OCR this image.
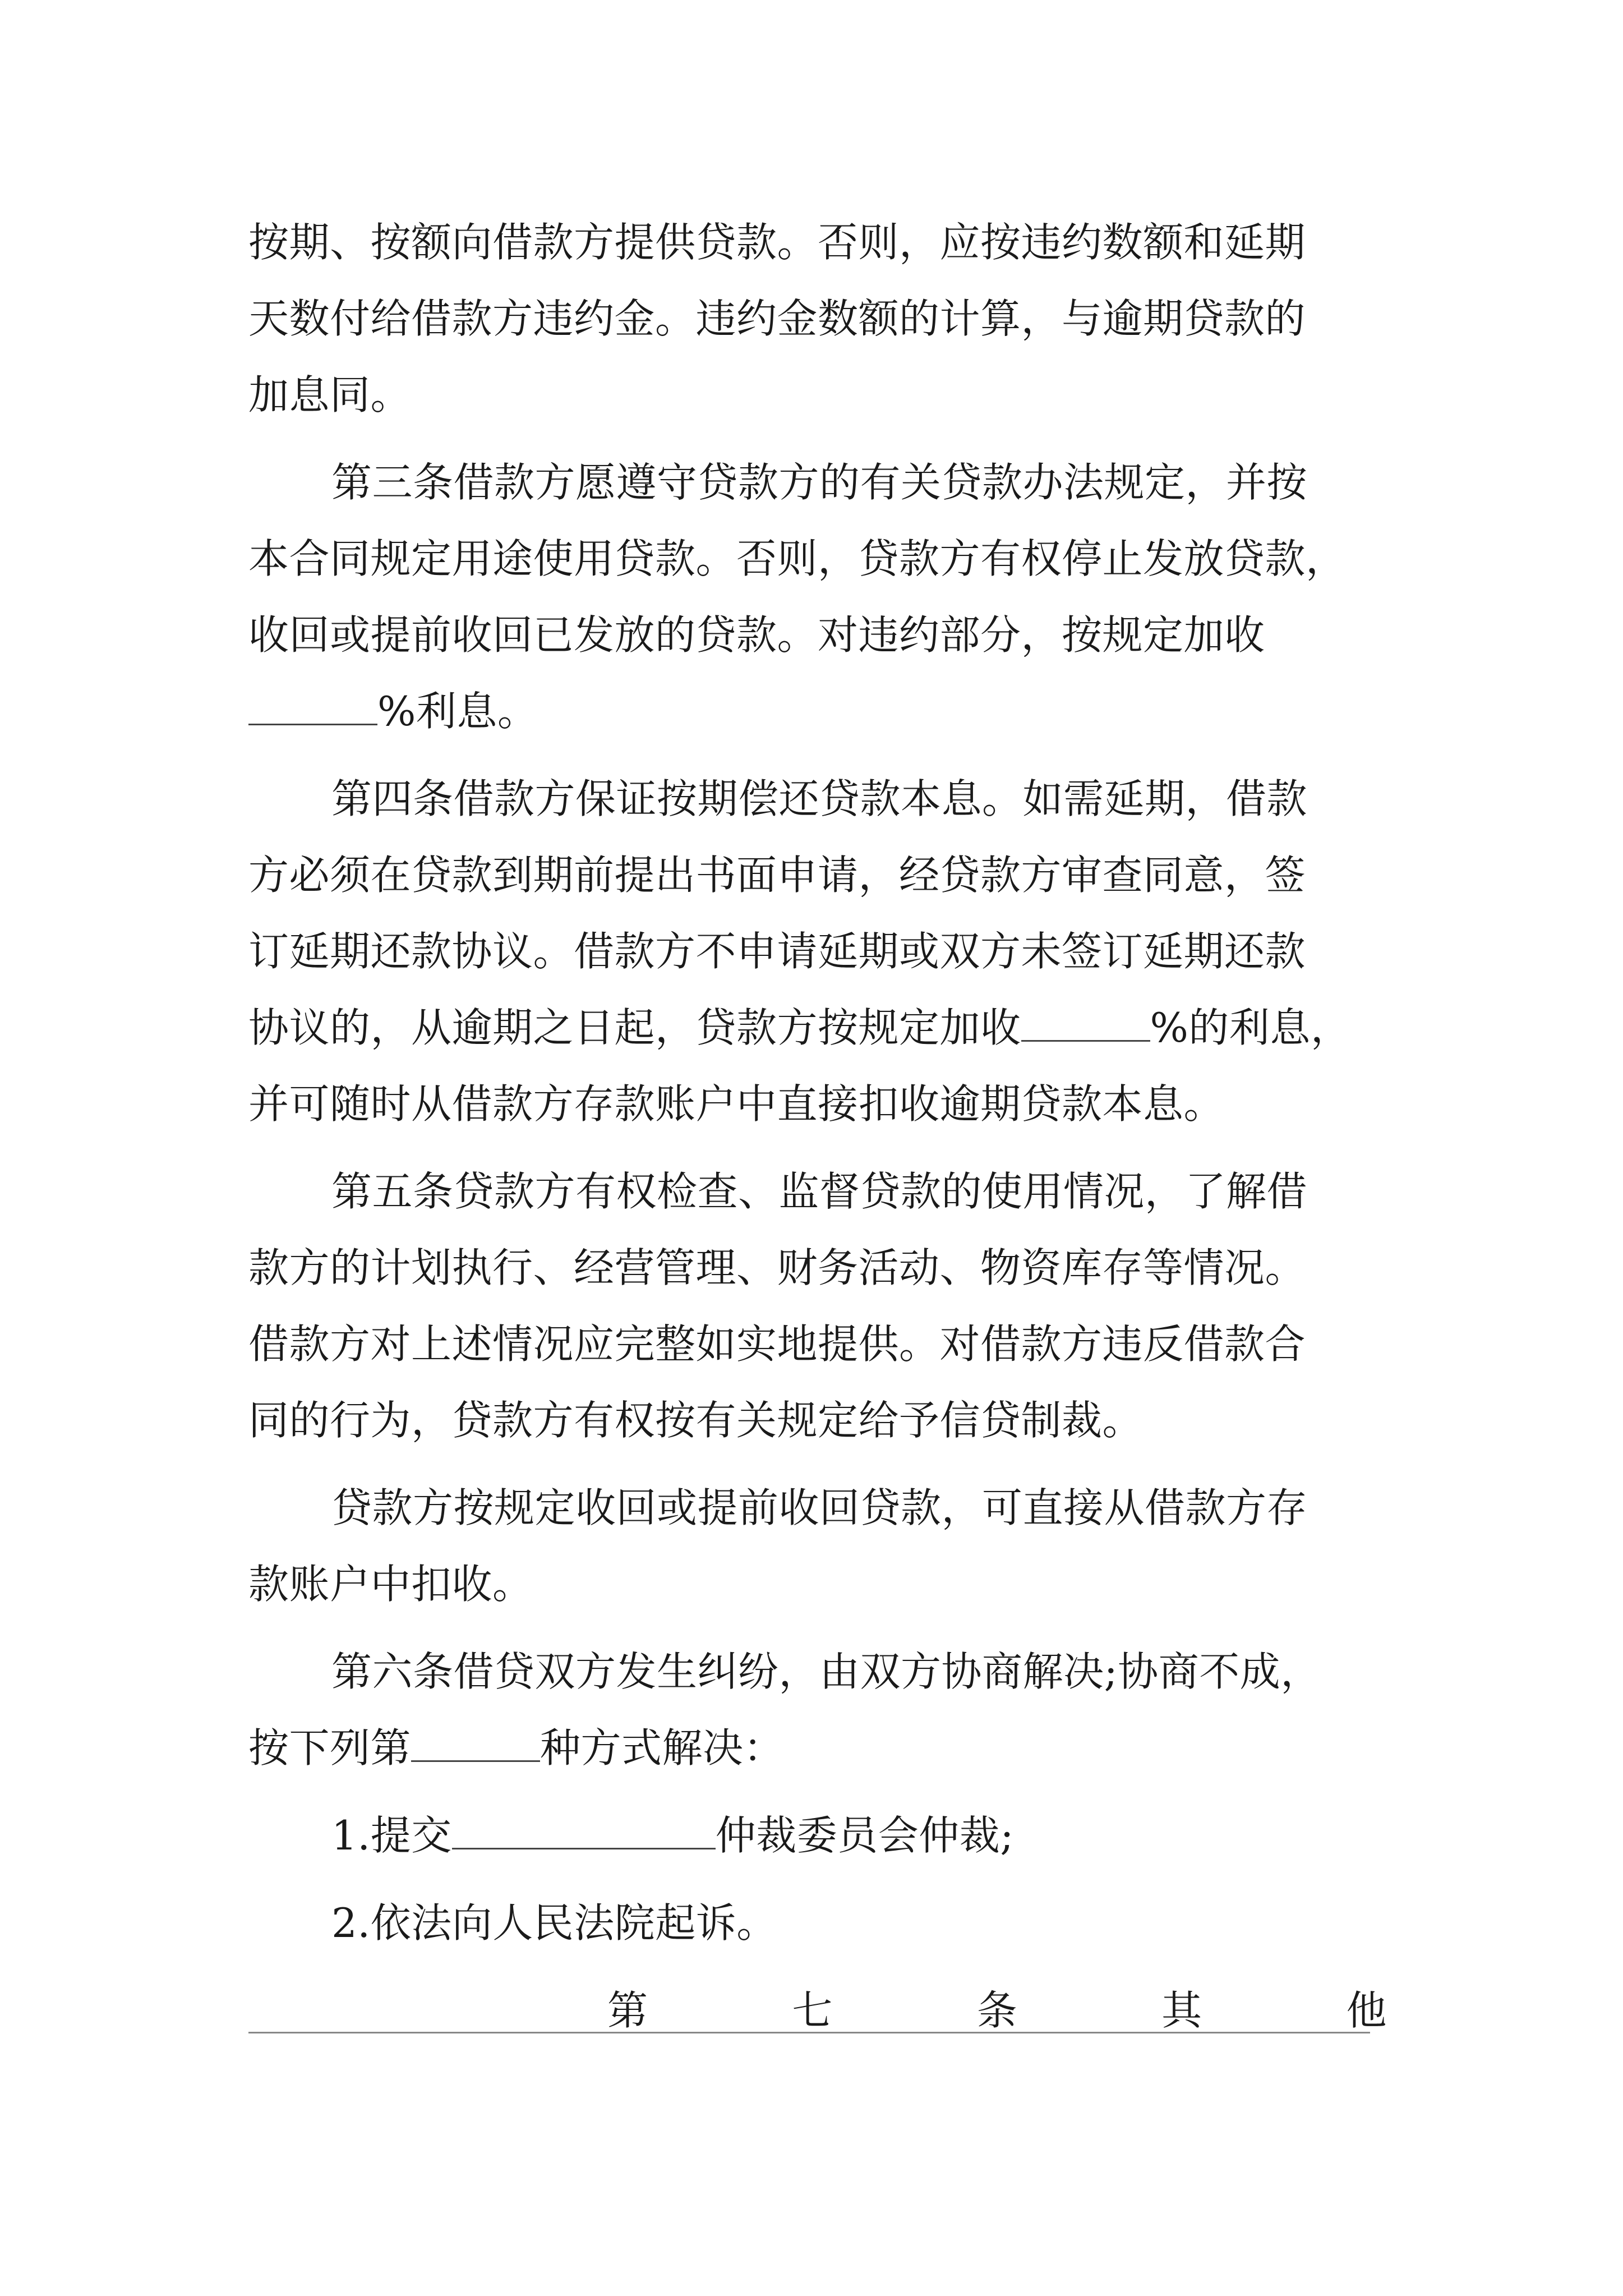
按期、按额向借款方提供贷款。否则，应按违约数额和延期
天数付给借款方违约金。违约金数额的计算，与逾期贷款的
加息同。
第三条借款方愿遵守贷款方的有关贷款办法规定，并按
本合同规定用途使用贷款。否则，贷款方有权停止发放贷款，
收回或提前收回已发放的贷款。对违约部分，按规定加收
%利息。
第四条借款方保证按期偿还贷款本息。如需延期，借款
方必须在贷款到期前提出书面申请，经贷款方审查同意，签
订延期还款协议。借款方不申请延期或双方未签订延期还款
协议的，从逾期之日起，贷款方按规定加收	%的利息，
并可随时从借款方存款账户中直接扣收逾期贷款本息。
第五条贷款方有权检查、监督贷款的使用情况，了解借
款方的计划执行、经营管理、财务活动、物资库存等情况。
借款方对上述情况应完整如实地提供。对借款方违反借款合
同的行为，贷款方有权按有关规定给予信贷制裁。
贷款方按规定收回或提前收回贷款，可直接从借款方存
款账户中扣收。
第六条借贷双方发生纠纷，由双方协商解决;协商不成，
按下列第	种方式解决：
1.提交	仲裁委员会仲裁;
2.依法向人民法院起诉。
第	七	条	其	他
